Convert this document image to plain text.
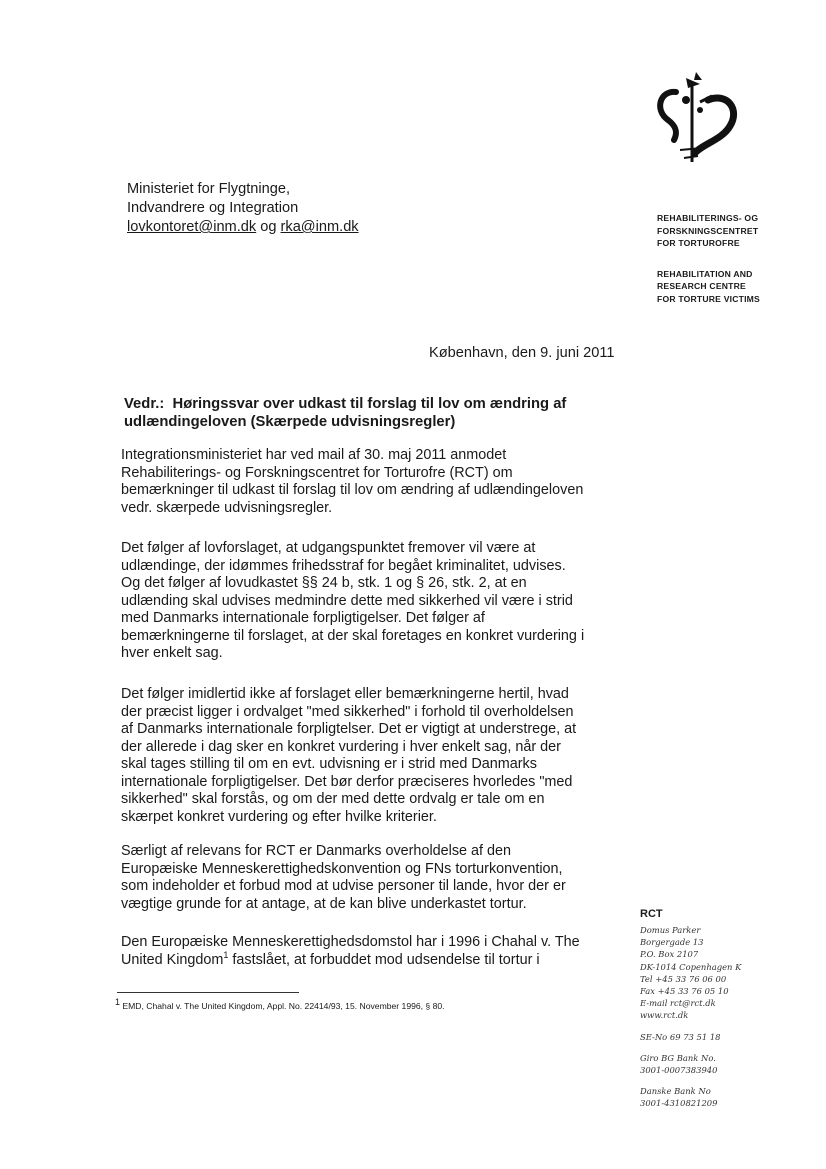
REHABILITERINGS- OG
FORSKNINGSCENTRET
FOR TORTUROFRE
REHABILITATION AND
RESEARCH CENTRE
FOR TORTURE VICTIMS
Ministeriet for Flygtninge,
Indvandrere og Integration
lovkontoret@inm.dk og rka@inm.dk
København, den 9. juni 2011
Vedr.:  Høringssvar over udkast til forslag til lov om ændring af
udlændingeloven (Skærpede udvisningsregler)
Integrationsministeriet har ved mail af 30. maj 2011 anmodet
Rehabiliterings- og Forskningscentret for Torturofre (RCT) om
bemærkninger til udkast til forslag til lov om ændring af udlændingeloven
vedr. skærpede udvisningsregler.
Det følger af lovforslaget, at udgangspunktet fremover vil være at
udlændinge, der idømmes frihedsstraf for begået kriminalitet, udvises.
Og det følger af lovudkastet §§ 24 b, stk. 1 og § 26, stk. 2, at en
udlænding skal udvises medmindre dette med sikkerhed vil være i strid
med Danmarks internationale forpligtigelser. Det følger af
bemærkningerne til forslaget, at der skal foretages en konkret vurdering i
hver enkelt sag.
Det følger imidlertid ikke af forslaget eller bemærkningerne hertil, hvad
der præcist ligger i ordvalget "med sikkerhed" i forhold til overholdelsen
af Danmarks internationale forpligtelser. Det er vigtigt at understrege, at
der allerede i dag sker en konkret vurdering i hver enkelt sag, når der
skal tages stilling til om en evt. udvisning er i strid med Danmarks
internationale forpligtigelser. Det bør derfor præciseres hvorledes "med
sikkerhed" skal forstås, og om der med dette ordvalg er tale om en
skærpet konkret vurdering og efter hvilke kriterier.
Særligt af relevans for RCT er Danmarks overholdelse af den
Europæiske Menneskerettighedskonvention og FNs torturkonvention,
som indeholder et forbud mod at udvise personer til lande, hvor der er
vægtige grunde for at antage, at de kan blive underkastet tortur.
Den Europæiske Menneskerettighedsdomstol har i 1996 i Chahal v. The
United Kingdom$^1$ fastslået, at forbuddet mod udsendelse til tortur i
$^1$ EMD, Chahal v. The United Kingdom, Appl. No. 22414/93, 15. November 1996, § 80.
RCT
Domus Parker
Borgergade 13
P.O. Box 2107
DK-1014 Copenhagen K
Tel +45 33 76 06 00
Fax +45 33 76 05 10
E-mail rct@rct.dk
www.rct.dk
SE-No 69 73 51 18
Giro BG Bank No.
3001-0007383940
Danske Bank No
3001-4310821209
